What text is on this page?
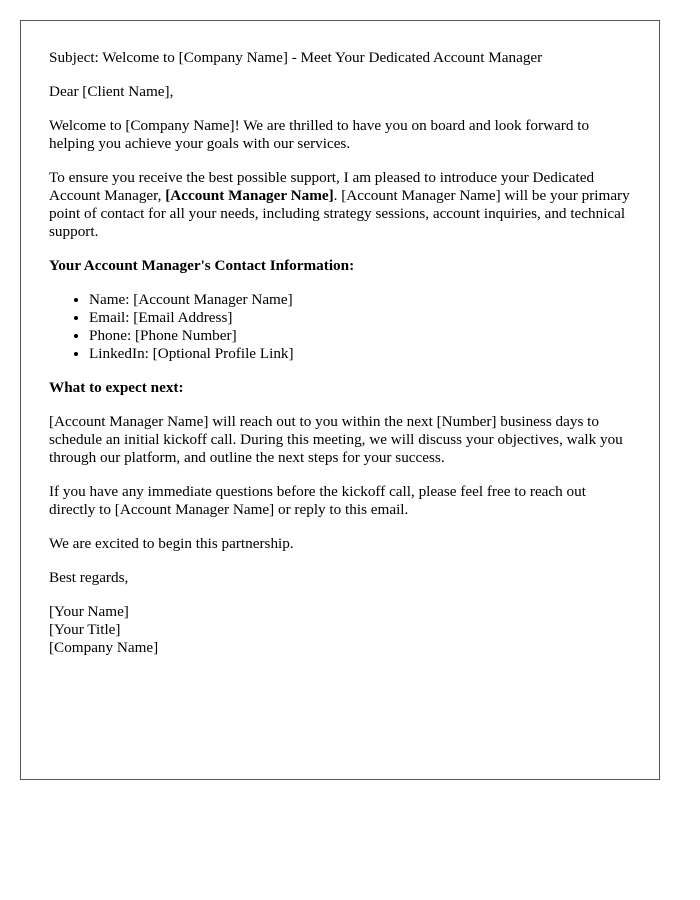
Subject: Welcome to [Company Name] - Meet Your Dedicated Account Manager

Dear [Client Name],

Welcome to [Company Name]! We are thrilled to have you on board and look forward to helping you achieve your goals with our services.

To ensure you receive the best possible support, I am pleased to introduce your Dedicated Account Manager, [Account Manager Name]. [Account Manager Name] will be your primary point of contact for all your needs, including strategy sessions, account inquiries, and technical support.

Your Account Manager's Contact Information:
• Name: [Account Manager Name]
• Email: [Email Address]
• Phone: [Phone Number]
• LinkedIn: [Optional Profile Link]
What to expect next:

[Account Manager Name] will reach out to you within the next [Number] business days to schedule an initial kickoff call. During this meeting, we will discuss your objectives, walk you through our platform, and outline the next steps for your success.

If you have any immediate questions before the kickoff call, please feel free to reach out directly to [Account Manager Name] or reply to this email.

We are excited to begin this partnership.

Best regards,

[Your Name]
[Your Title]
[Company Name]
